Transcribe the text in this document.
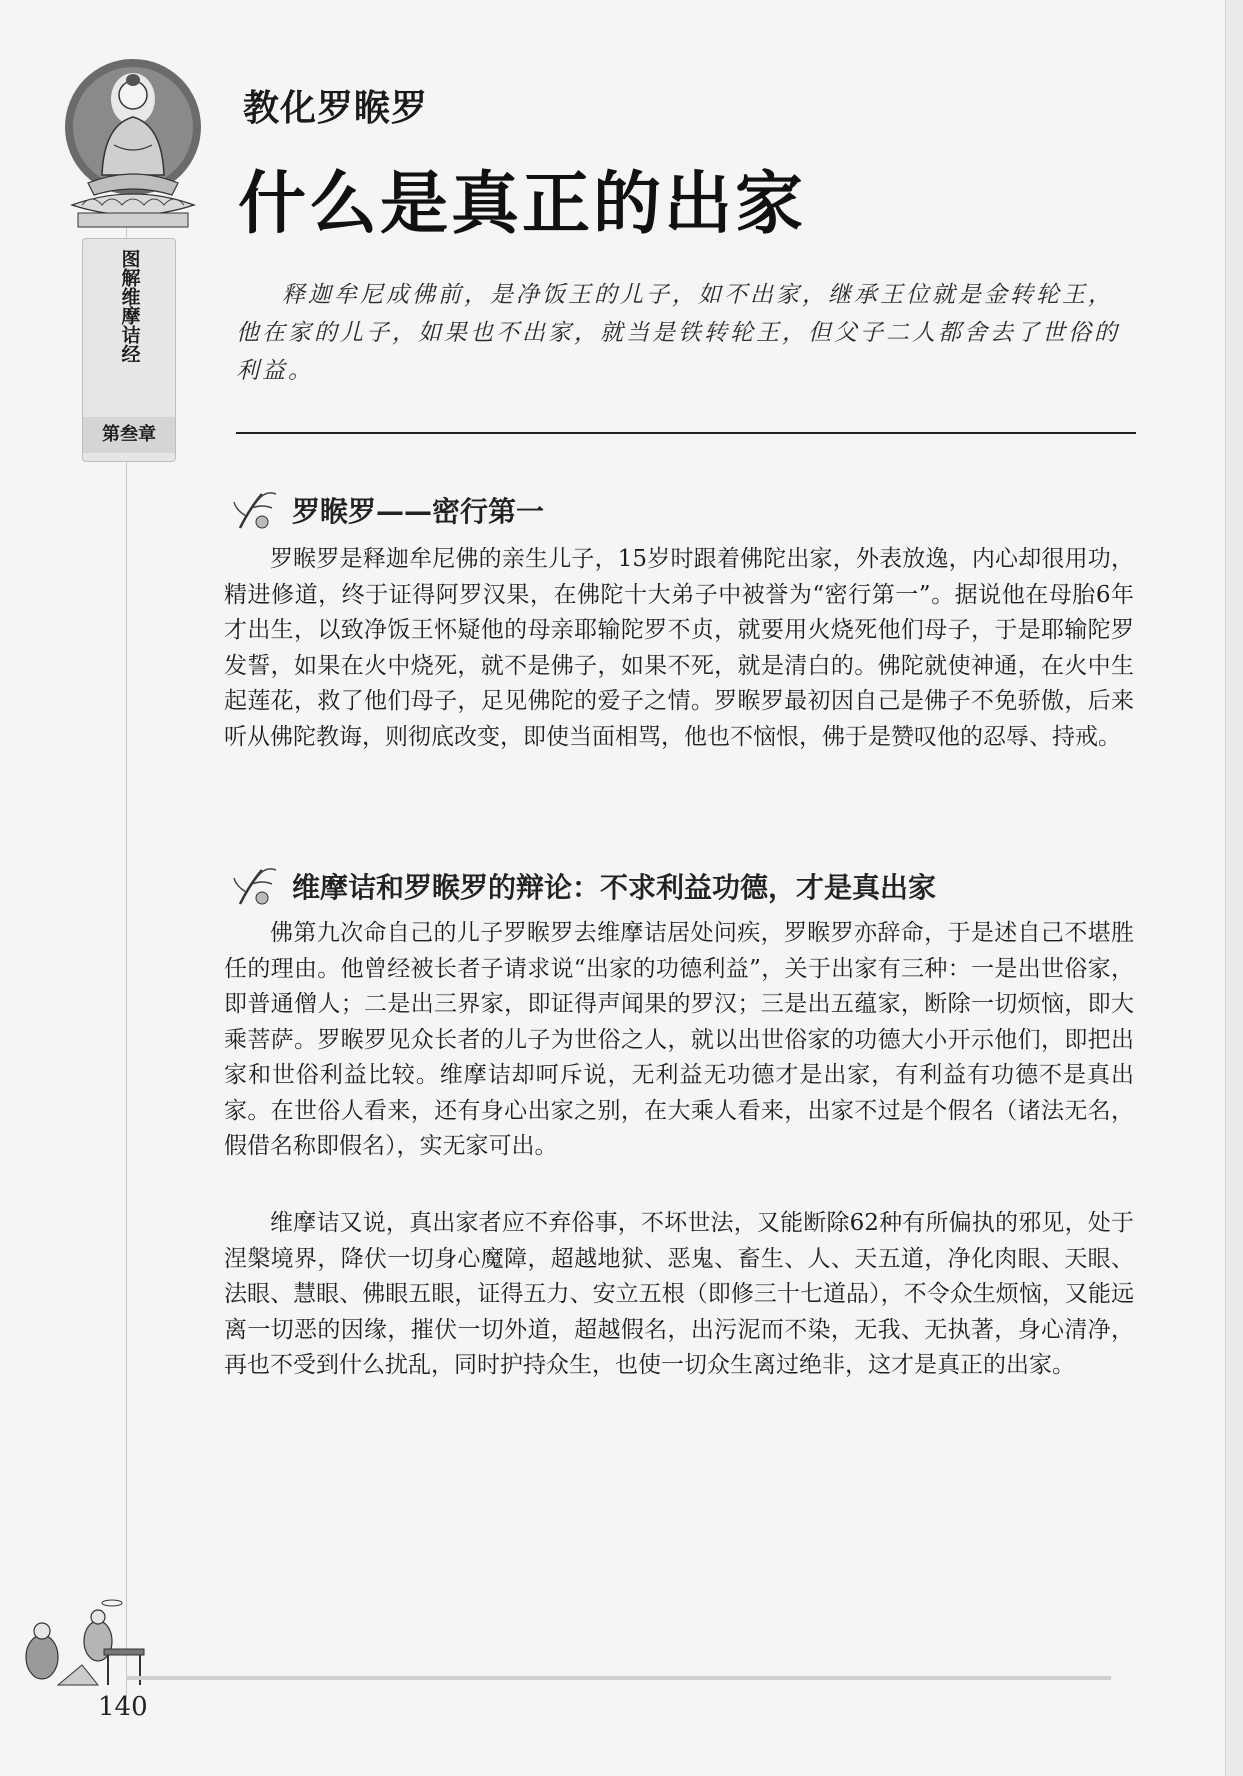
图解维摩诘经
第叁章
教化罗睺罗
什么是真正的出家

释迦牟尼成佛前，是净饭王的儿子，如不出家，继承王位就是金转轮王，他在家的儿子，如果也不出家，就当是铁转轮王，但父子二人都舍去了世俗的利益。

罗睺罗——密行第一

罗睺罗是释迦牟尼佛的亲生儿子，15岁时跟着佛陀出家，外表放逸，内心却很用功，精进修道，终于证得阿罗汉果，在佛陀十大弟子中被誉为“密行第一”。据说他在母胎6年才出生，以致净饭王怀疑他的母亲耶输陀罗不贞，就要用火烧死他们母子，于是耶输陀罗发誓，如果在火中烧死，就不是佛子，如果不死，就是清白的。佛陀就使神通，在火中生起莲花，救了他们母子，足见佛陀的爱子之情。罗睺罗最初因自己是佛子不免骄傲，后来听从佛陀教诲，则彻底改变，即使当面相骂，他也不恼恨，佛于是赞叹他的忍辱、持戒。

维摩诘和罗睺罗的辩论：不求利益功德，才是真出家

佛第九次命自己的儿子罗睺罗去维摩诘居处问疾，罗睺罗亦辞命，于是述自己不堪胜任的理由。他曾经被长者子请求说“出家的功德利益”，关于出家有三种：一是出世俗家，即普通僧人；二是出三界家，即证得声闻果的罗汉；三是出五蕴家，断除一切烦恼，即大乘菩萨。罗睺罗见众长者的儿子为世俗之人，就以出世俗家的功德大小开示他们，即把出家和世俗利益比较。维摩诘却呵斥说，无利益无功德才是出家，有利益有功德不是真出家。在世俗人看来，还有身心出家之别，在大乘人看来，出家不过是个假名（诸法无名，假借名称即假名），实无家可出。

维摩诘又说，真出家者应不弃俗事，不坏世法，又能断除62种有所偏执的邪见，处于涅槃境界，降伏一切身心魔障，超越地狱、恶鬼、畜生、人、天五道，净化肉眼、天眼、法眼、慧眼、佛眼五眼，证得五力、安立五根（即修三十七道品），不令众生烦恼，又能远离一切恶的因缘，摧伏一切外道，超越假名，出污泥而不染，无我、无执著，身心清净，再也不受到什么扰乱，同时护持众生，也使一切众生离过绝非，这才是真正的出家。

140
